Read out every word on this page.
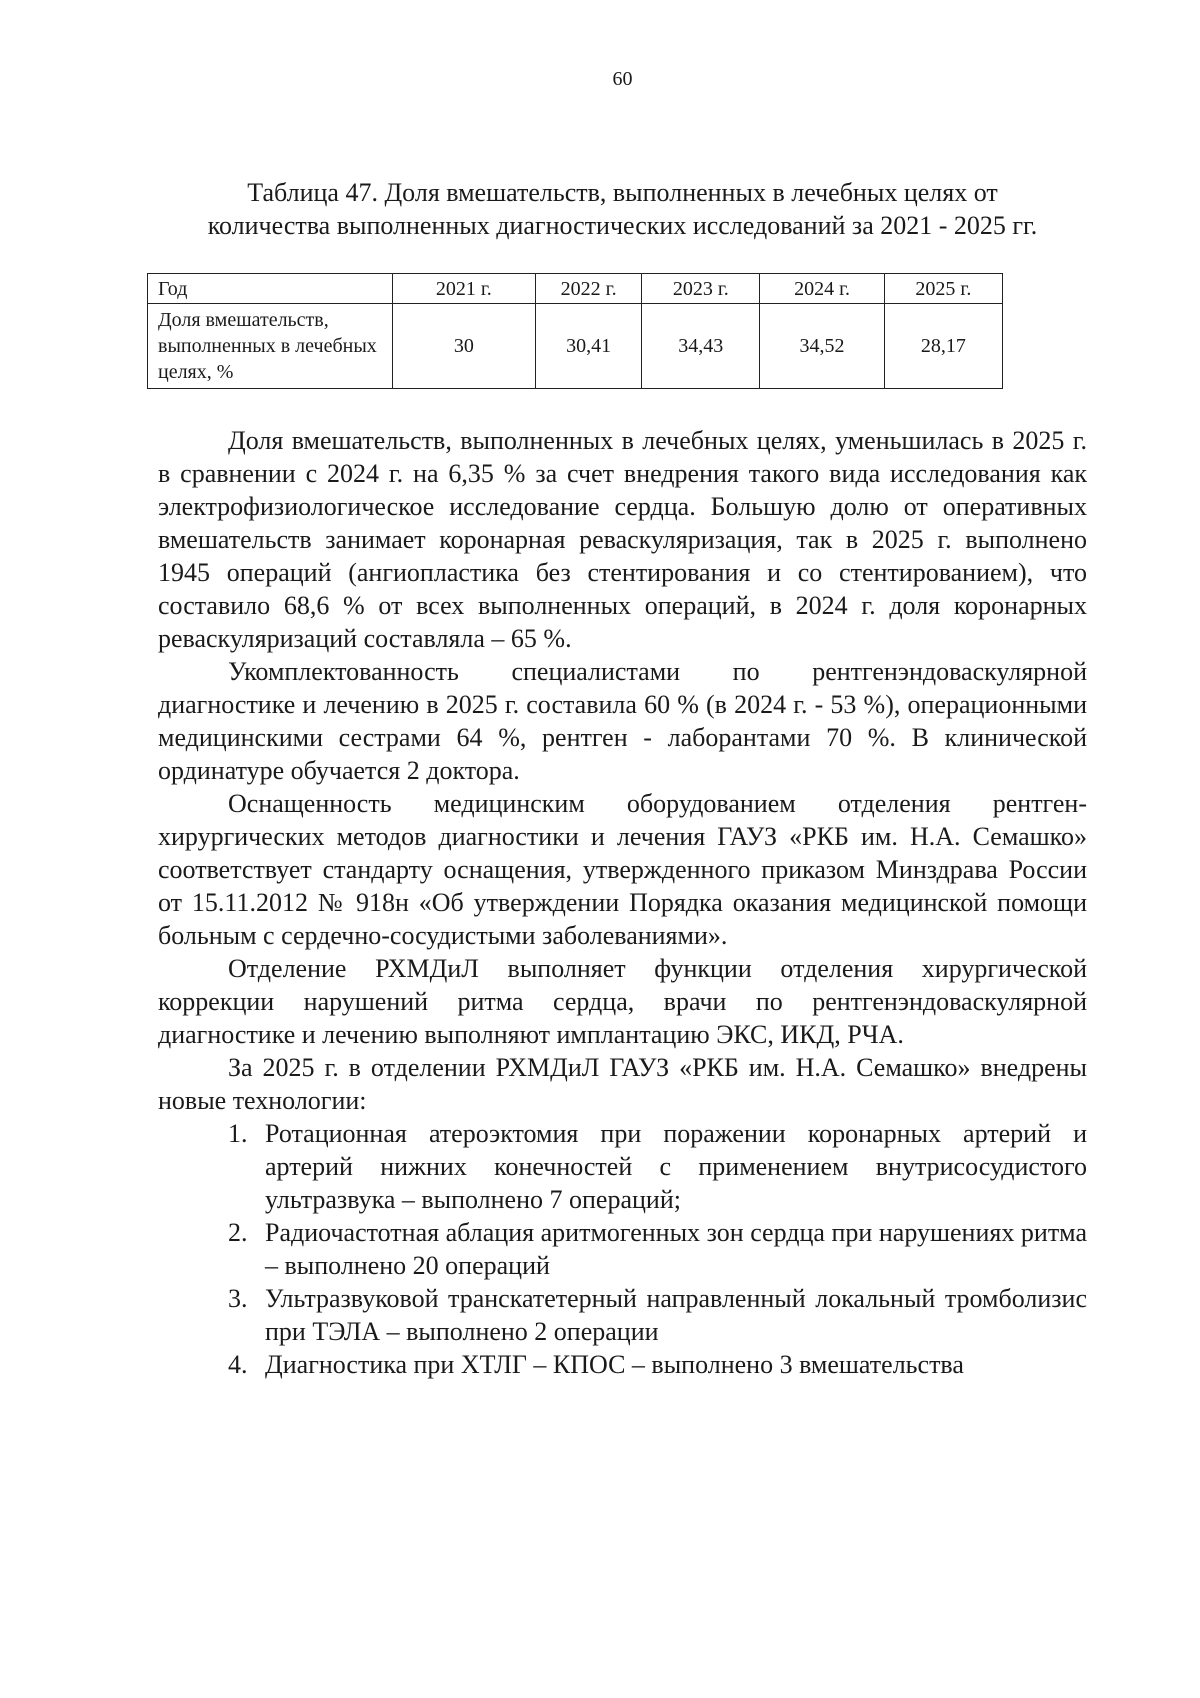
60
Таблица 47. Доля вмешательств, выполненных в лечебных целях от
количества выполненных диагностических исследований за 2021 - 2025 гг.
Год	2021 г.	2022 г.	2023 г.	2024 г.	2025 г.
Доля вмешательств, выполненных в лечебных целях, %	30	30,41	34,43	34,52	28,17

Доля вмешательств, выполненных в лечебных целях, уменьшилась в 2025 г. в сравнении с 2024 г. на 6,35 % за счет внедрения такого вида исследования как электрофизиологическое исследование сердца. Большую долю от оперативных вмешательств занимает коронарная реваскуляризация, так в 2025 г. выполнено 1945 операций (ангиопластика без стентирования и со стентированием), что составило 68,6 % от всех выполненных операций, в 2024 г. доля коронарных реваскуляризаций составляла – 65 %.

Укомплектованность специалистами по рентгенэндоваскулярной диагностике и лечению в 2025 г. составила 60 % (в 2024 г. - 53 %), операционными медицинскими сестрами 64 %, рентген - лаборантами 70 %. В клинической ординатуре обучается 2 доктора.

Оснащенность медицинским оборудованием отделения рентген-хирургических методов диагностики и лечения ГАУЗ «РКБ им. Н.А. Семашко» соответствует стандарту оснащения, утвержденного приказом Минздрава России от 15.11.2012 № 918н «Об утверждении Порядка оказания медицинской помощи больным с сердечно-сосудистыми заболеваниями».

Отделение РХМДиЛ выполняет функции отделения хирургической коррекции нарушений ритма сердца, врачи по рентгенэндоваскулярной диагностике и лечению выполняют имплантацию ЭКС, ИКД, РЧА.

За 2025 г. в отделении РХМДиЛ ГАУЗ «РКБ им. Н.А. Семашко» внедрены новые технологии:

1. Ротационная атероэктомия при поражении коронарных артерий и артерий нижних конечностей с применением внутрисосудистого ультразвука – выполнено 7 операций;
2. Радиочастотная аблация аритмогенных зон сердца при нарушениях ритма – выполнено 20 операций
3. Ультразвуковой транскатетерный направленный локальный тромболизис при ТЭЛА – выполнено 2 операции
4. Диагностика при ХТЛГ – КПОС – выполнено 3 вмешательства
